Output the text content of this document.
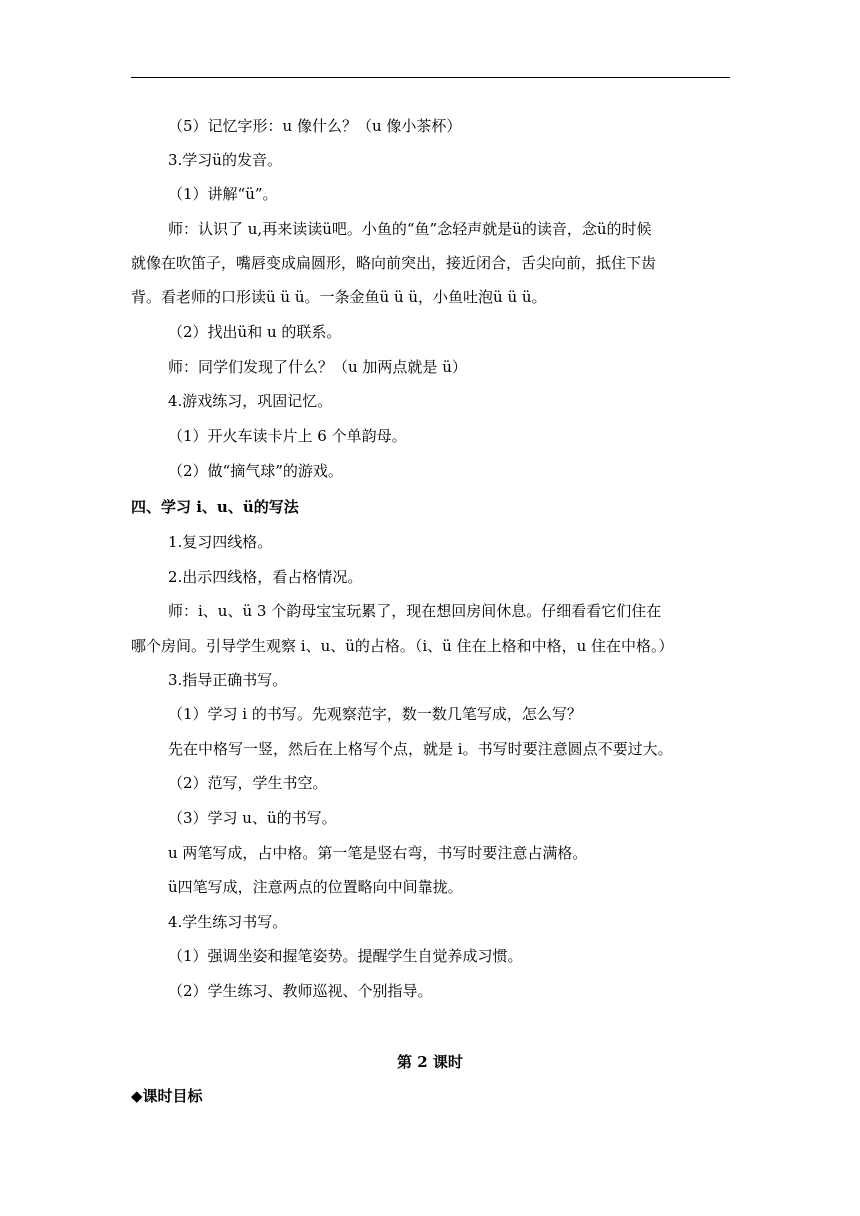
（5）记忆字形：u 像什么？（u 像小茶杯）
3.学习ü的发音。
（1）讲解“ü”。
师：认识了 u,再来读读ü吧。小鱼的“鱼”念轻声就是ü的读音，念ü的时候
就像在吹笛子，嘴唇变成扁圆形，略向前突出，接近闭合，舌尖向前，抵住下齿
背。看老师的口形读ü ü ü。一条金鱼ü ü ü，小鱼吐泡ü ü ü。
（2）找出ü和 u 的联系。
师：同学们发现了什么？（u 加两点就是 ü）
4.游戏练习，巩固记忆。
（1）开火车读卡片上 6 个单韵母。
（2）做“摘气球”的游戏。
四、学习 i、u、ü的写法
1.复习四线格。
2.出示四线格，看占格情况。
师：i、u、ü 3 个韵母宝宝玩累了，现在想回房间休息。仔细看看它们住在
哪个房间。引导学生观察 i、u、ü的占格。（i、ü 住在上格和中格，u 住在中格。）
3.指导正确书写。
（1）学习 i 的书写。先观察范字，数一数几笔写成，怎么写？
先在中格写一竖，然后在上格写个点，就是 i。书写时要注意圆点不要过大。
（2）范写，学生书空。
（3）学习 u、ü的书写。
u 两笔写成，占中格。第一笔是竖右弯，书写时要注意占满格。
ü四笔写成，注意两点的位置略向中间靠拢。
4.学生练习书写。
（1）强调坐姿和握笔姿势。提醒学生自觉养成习惯。
（2）学生练习、教师巡视、个别指导。
第 2 课时
◆课时目标
